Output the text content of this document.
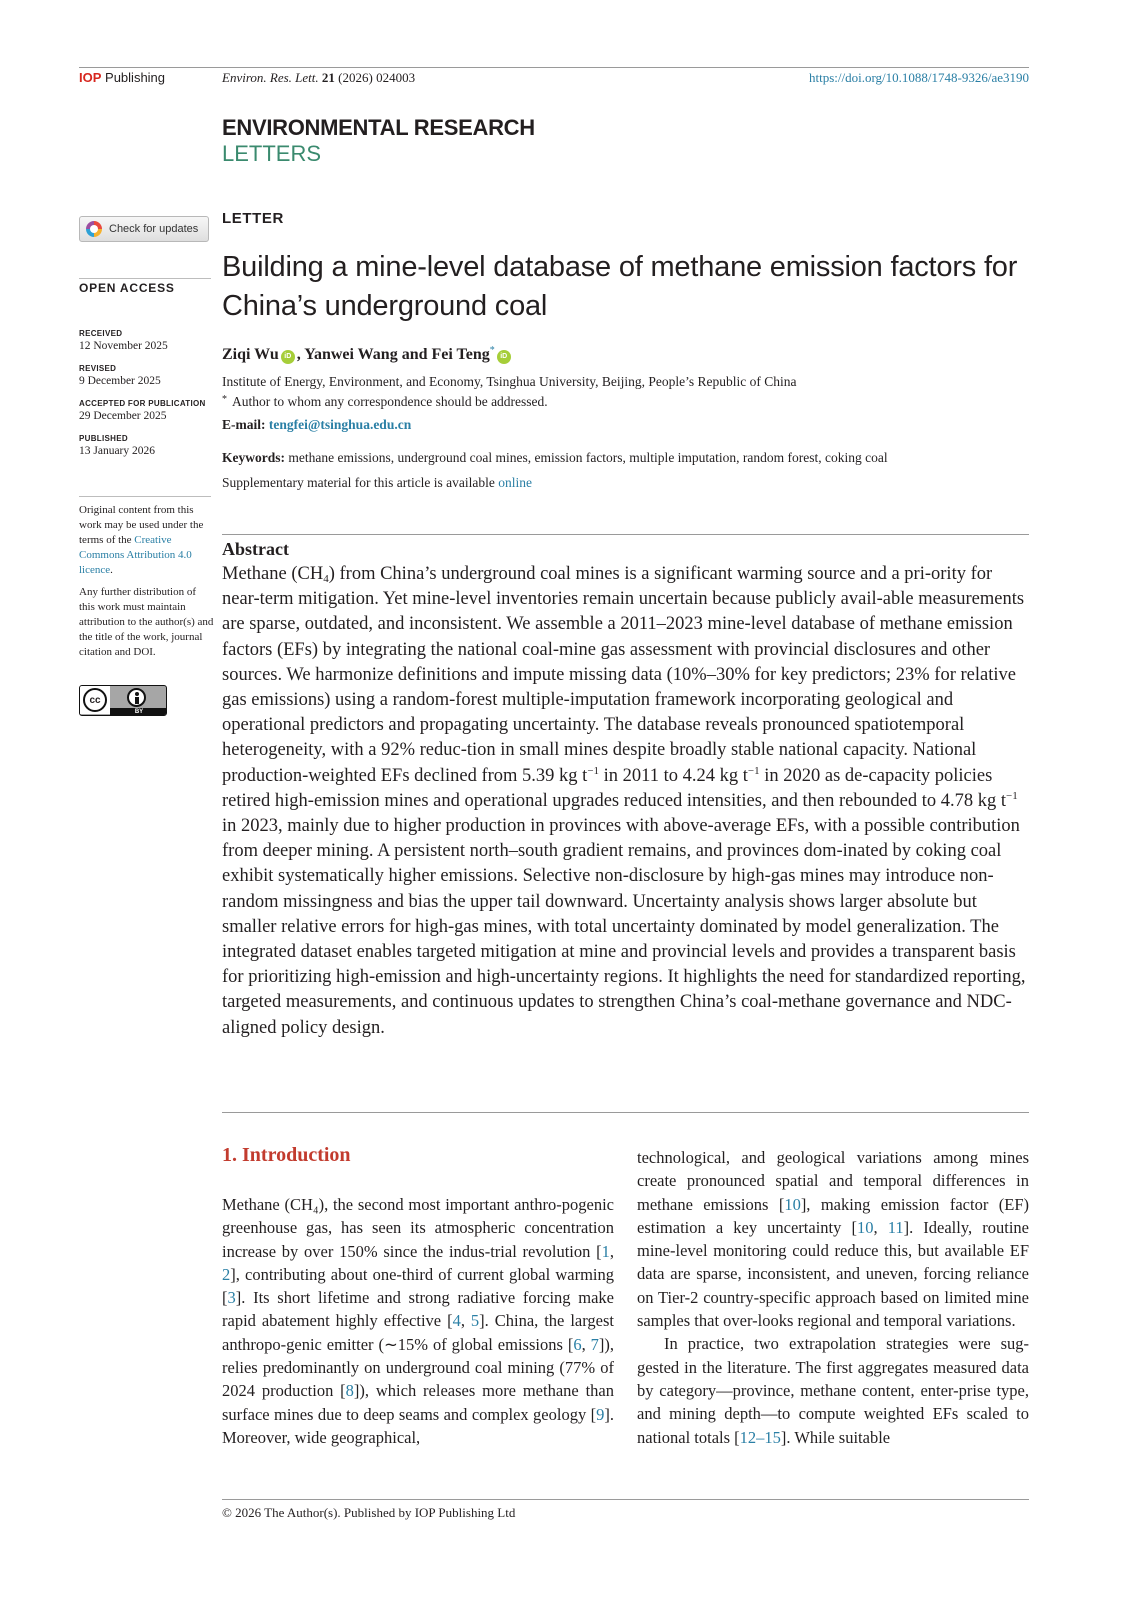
IOP Publishing	Environ. Res. Lett. 21 (2026) 024003	https://doi.org/10.1088/1748-9326/ae3190
ENVIRONMENTAL RESEARCH
LETTERS
Check for updates
OPEN ACCESS
RECEIVED
12 November 2025
REVISED
9 December 2025
ACCEPTED FOR PUBLICATION
29 December 2025
PUBLISHED
13 January 2026

Original content from this work may be used under the terms of the Creative Commons Attribution 4.0 licence.

Any further distribution of this work must maintain attribution to the author(s) and the title of the work, journal citation and DOI.

cc
BY
LETTER
Building a mine-level database of methane emission factors for China’s underground coal
Ziqi Wu iD , Yanwei Wang and Fei Teng*iD
Institute of Energy, Environment, and Economy, Tsinghua University, Beijing, People’s Republic of China
* Author to whom any correspondence should be addressed.
E-mail: tengfei@tsinghua.edu.cn
Keywords: methane emissions, underground coal mines, emission factors, multiple imputation, random forest, coking coal
Supplementary material for this article is available online
Abstract

Methane $(CH_4)$ from China’s underground coal mines is a significant warming source and a pri-ority for near-term mitigation. Yet mine-level inventories remain uncertain because publicly avail-able measurements are sparse, outdated, and inconsistent. We assemble a 2011–2023 mine-level database of methane emission factors (EFs) by integrating the national coal-mine gas assessment with provincial disclosures and other sources. We harmonize definitions and impute missing data (10%–30% for key predictors; 23% for relative gas emissions) using a random-forest multiple-imputation framework incorporating geological and operational predictors and propagating uncertainty. The database reveals pronounced spatiotemporal heterogeneity, with a 92% reduc-tion in small mines despite broadly stable national capacity. National production-weighted EFs declined from 5.39 kg $t^{-1}$ in 2011 to 4.24 kg $t^{-1}$ in 2020 as de-capacity policies retired high-emission mines and operational upgrades reduced intensities, and then rebounded to 4.78 kg $t^{-1}$ in 2023, mainly due to higher production in provinces with above-average EFs, with a possible contribution from deeper mining. A persistent north–south gradient remains, and provinces dom-inated by coking coal exhibit systematically higher emissions. Selective non-disclosure by high-gas mines may introduce non-random missingness and bias the upper tail downward. Uncertainty analysis shows larger absolute but smaller relative errors for high-gas mines, with total uncertainty dominated by model generalization. The integrated dataset enables targeted mitigation at mine and provincial levels and provides a transparent basis for prioritizing high-emission and high-uncertainty regions. It highlights the need for standardized reporting, targeted measurements, and continuous updates to strengthen China’s coal-methane governance and NDC-aligned policy design.

1. Introduction

Methane (CH₄), the second most important anthro-pogenic greenhouse gas, has seen its atmospheric concentration increase by over 150% since the indus-trial revolution [1, 2], contributing about one-third of current global warming [3]. Its short lifetime and strong radiative forcing make rapid abatement highly effective [4, 5]. China, the largest anthropo-genic emitter (∼15% of global emissions [6, 7]), relies predominantly on underground coal mining (77% of 2024 production [8]), which releases more methane than surface mines due to deep seams and complex geology [9]. Moreover, wide geographical,

technological, and geological variations among mines create pronounced spatial and temporal differences in methane emissions [10], making emission factor (EF) estimation a key uncertainty [10, 11]. Ideally, routine mine-level monitoring could reduce this, but available EF data are sparse, inconsistent, and uneven, forcing reliance on Tier-2 country-specific approach based on limited mine samples that over-looks regional and temporal variations.

In practice, two extrapolation strategies were sug-gested in the literature. The first aggregates measured data by category—province, methane content, enter-prise type, and mining depth—to compute weighted EFs scaled to national totals [12–15]. While suitable

© 2026 The Author(s). Published by IOP Publishing Ltd
